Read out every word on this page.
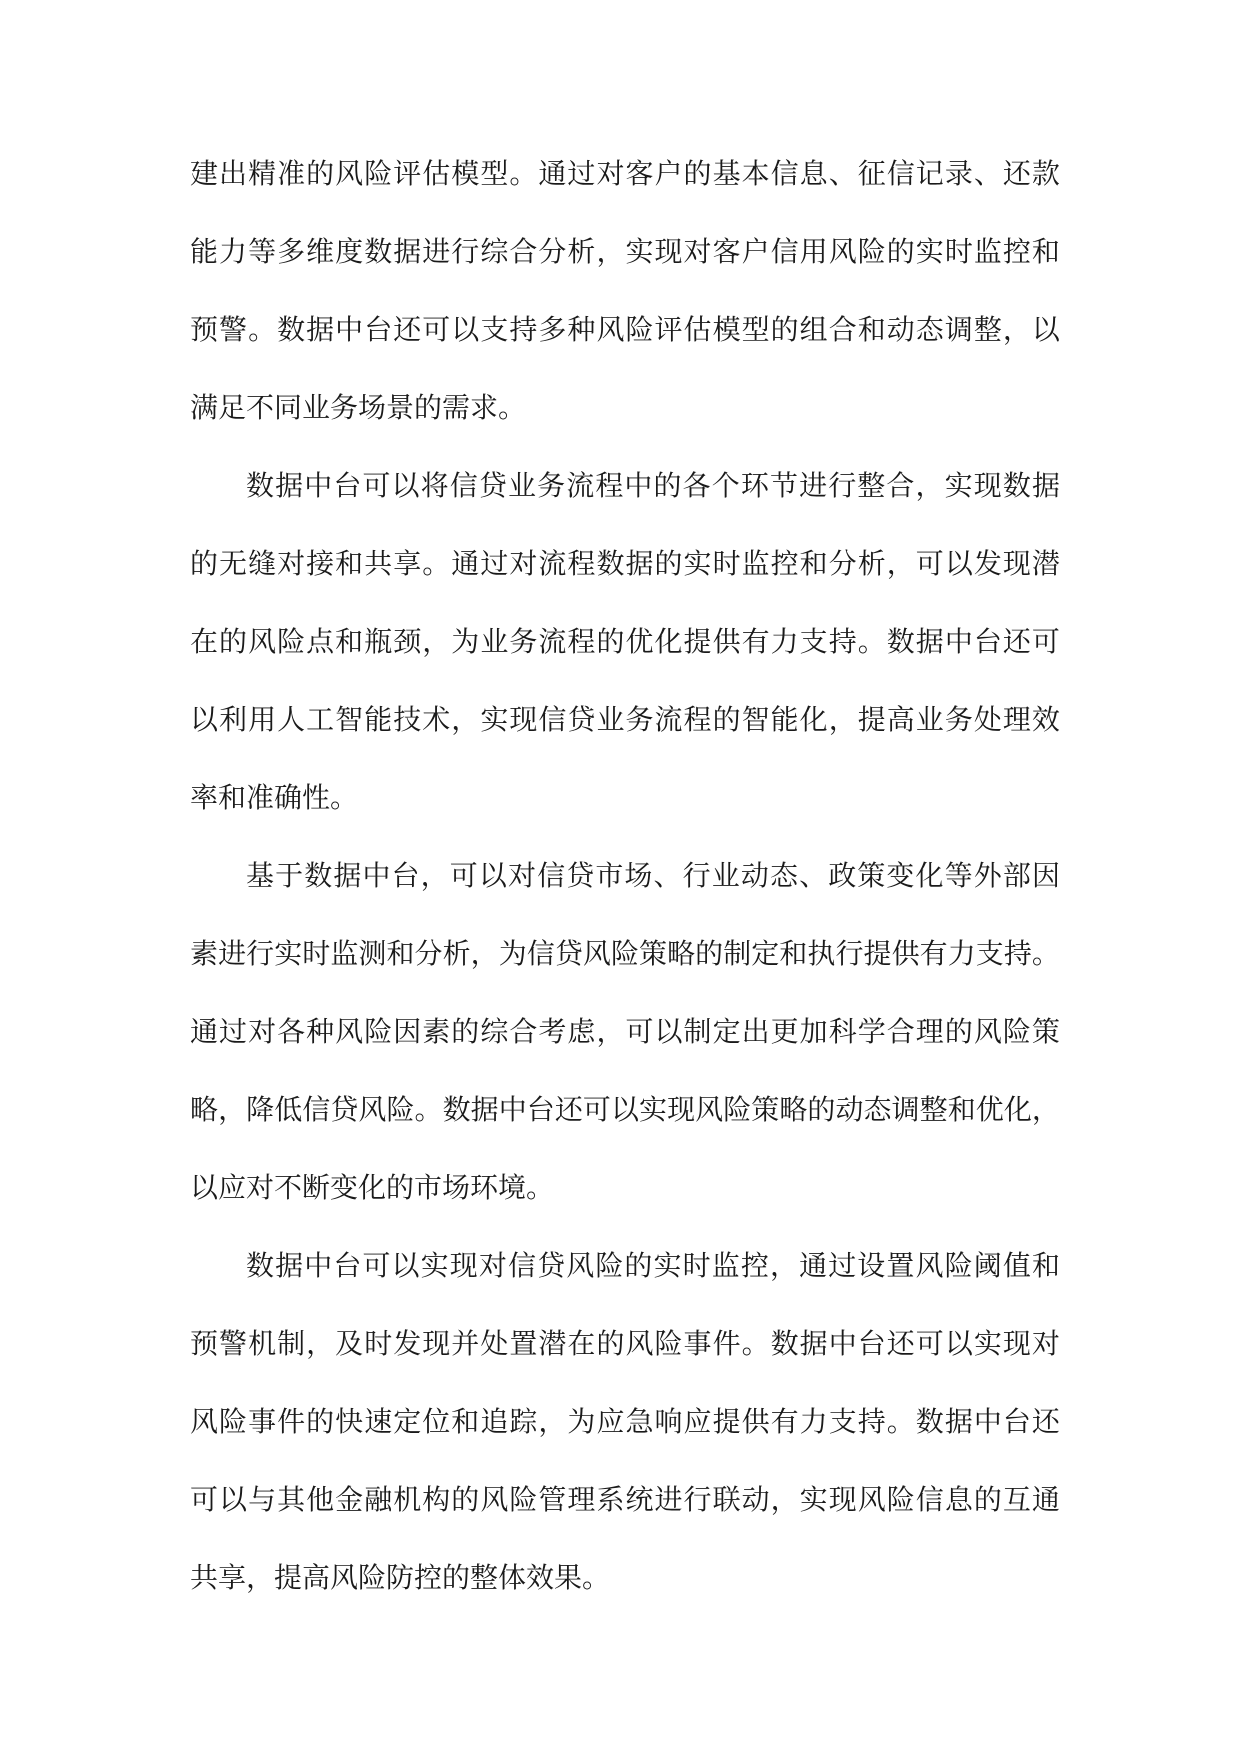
建 出 精 准 的 风 险 评 估 模 型 。 通 过 对 客 户 的 基 本 信 息 、 征 信 记 录 、 还 款
能 力 等 多 维 度 数 据 进 行 综 合 分 析 ， 实 现 对 客 户 信 用 风 险 的 实 时 监 控 和
预 警 。 数 据 中 台 还 可 以 支 持 多 种 风 险 评 估 模 型 的 组 合 和 动 态 调 整 ， 以
满足不同业务场景的需求。
数 据 中 台 可 以 将 信 贷 业 务 流 程 中 的 各 个 环 节 进 行 整 合 ， 实 现 数 据
的 无 缝 对 接 和 共 享 。 通 过 对 流 程 数 据 的 实 时 监 控 和 分 析 ， 可 以 发 现 潜
在 的 风 险 点 和 瓶 颈 ， 为 业 务 流 程 的 优 化 提 供 有 力 支 持 。 数 据 中 台 还 可
以 利 用 人 工 智 能 技 术 ， 实 现 信 贷 业 务 流 程 的 智 能 化 ， 提 高 业 务 处 理 效
率和准确性。
基 于 数 据 中 台 ， 可 以 对 信 贷 市 场 、 行 业 动 态 、 政 策 变 化 等 外 部 因
素 进 行 实 时 监 测 和 分 析 ， 为 信 贷 风 险 策 略 的 制 定 和 执 行 提 供 有 力 支 持 。
通 过 对 各 种 风 险 因 素 的 综 合 考 虑 ， 可 以 制 定 出 更 加 科 学 合 理 的 风 险 策
略 ， 降 低 信 贷 风 险 。 数 据 中 台 还 可 以 实 现 风 险 策 略 的 动 态 调 整 和 优 化 ，
以应对不断变化的市场环境。
数 据 中 台 可 以 实 现 对 信 贷 风 险 的 实 时 监 控 ， 通 过 设 置 风 险 阈 值 和
预 警 机 制 ， 及 时 发 现 并 处 置 潜 在 的 风 险 事 件 。 数 据 中 台 还 可 以 实 现 对
风 险 事 件 的 快 速 定 位 和 追 踪 ， 为 应 急 响 应 提 供 有 力 支 持 。 数 据 中 台 还
可 以 与 其 他 金 融 机 构 的 风 险 管 理 系 统 进 行 联 动 ， 实 现 风 险 信 息 的 互 通
共享，提高风险防控的整体效果。
